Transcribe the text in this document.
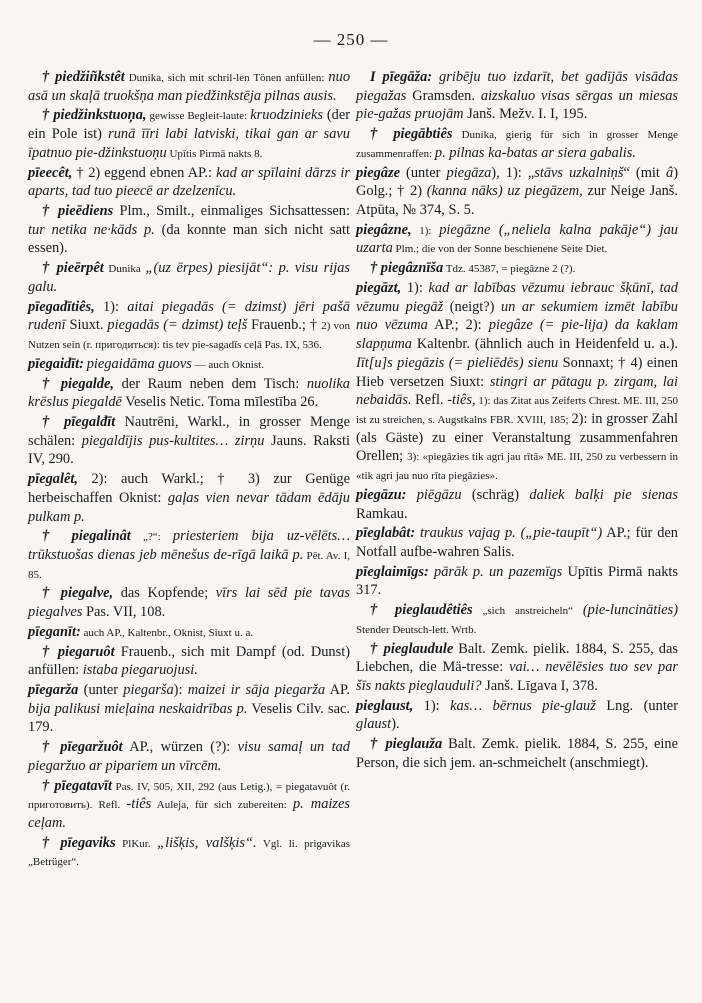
— 250 —

† piedžiñkstêt Dunika, sich mit schril-len Tönen anfüllen: nuo asā un skaļā truokšņa man piedžinkstēja pilnas ausis.

† piedžinkstuoņa, gewisse Begleit-laute: kruodzinieks (der ein Pole ist) runā īīri labi latviski, tikai gan ar savu īpatnuo pie-džinkstuoņu Upītis Pirmā nakts 8.

pīeecêt, † 2) eggend ebnen AP.: kad ar spīlaini dārzs ir aparts, tad tuo pieecē ar dzelzenīcu.

† pieēdiens Plm., Smilt., einmaliges Sichsattessen: tur netika ne·kāds p. (da konnte man sich nicht satt essen).

† pieērpêt Dunika „(uz ērpes) piesijāt“: p. visu rijas galu.

pīegadītiês, 1): aitai piegadās (= dzimst) jēri pašā rudenī Siuxt. piegadās (= dzimst) teļš Frauenb.; † 2) von Nutzen sein (r. пригодиться): tis tev pie-sagadīs ceļā Pas. IX, 536.

pīegaidīt: piegaidāma guovs — auch Oknist.

† piegalde, der Raum neben dem Tisch: nuolika krēslus piegaldē Veselis Netic. Toma mīlestība 26.

† pīegalđīt Nautrēni, Warkl., in grosser Menge schälen: piegaldījis pus-kultites… zirņu Jauns. Raksti IV, 290.

pīegalêt, 2): auch Warkl.; † 3) zur Genüge herbeischaffen Oknist: gaļas vien nevar tādam ēdāju pulkam p.

† piegalinât „?“: priesteriem bija uz-vēlēts… trūkstuošas dienas jeb mēnešus de-rīgā laikā p. Pēt. Av. I, 85.

† piegalve, das Kopfende; vīrs lai sēd pie tavas piegalves Pas. VII, 108.

pīeganīt: auch AP., Kaltenbr., Oknist, Siuxt u. a.

† piegaruôt Frauenb., sich mit Dampf (od. Dunst) anfüllen: istaba piegaruojusi.

pīegarža (unter piegarša): maizei ir sāja piegarža AP. bija palikusi mieļaina neskaidrības p. Veselis Cilv. sac. 179.

† pīegaržuôt AP., würzen (?): visu samaļ un tad piegaržuo ar pipariem un vīrcēm.

† pīegatavīt Pas. IV, 505, XII, 292 (aus Letig.), = piegatavuôt (r. приготовить). Refl. -tiês Auleja, für sich zubereiten: p. maizes ceļam.

† pīegaviks PlKur. „lišķis, valšķis“. Vgl. li. prigavikas „Betrüger“.

I pīegāža: gribēju tuo izdarīt, bet gadījās visādas piegažas Gramsden. aizskaluo visas sērgas un miesas pie-gažas pruojām Janš. Mežv. I. I, 195.

† piegābtiês Dunika, gierig für sich in grosser Menge zusammenraffen: p. pilnas ka-batas ar siera gabalis.

piegâze (unter piegāza), 1): „stāvs uzkalniņš“ (mit â) Golg.; † 2) (kanna nāks) uz piegāzem, zur Neige Janš. Atpūta, № 374, S. 5.

piegâzne, 1): piegāzne („neliela kalna pakāje“) jau uzarta Plm.; die von der Sonne beschienene Seite Diet.

† piegâznīša Tdz. 45387, = piegâzne 2 (?).

piegāzt, 1): kad ar labības vēzumu iebrauc šķūnī, tad vēzumu piegāž (neigt?) un ar sekumiem izmēt labību nuo vēzuma AP.; 2): piegâze (= pie-lija) da kaklam slapņuma Kaltenbr. (ähnlich auch in Heidenfeld u. a.). Iīt[u]s piegāzis (= pieliēdēs) sienu Sonnaxt; † 4) einen Hieb versetzen Siuxt: stingri ar pātagu p. zirgam, lai nebaidās. Refl. -tiês, 1): das Zitat aus Zeiferts Chrest. ME. III, 250 ist zu streichen, s. Augstkalns FBR. XVIII, 185; 2): in grosser Zahl (als Gäste) zu einer Veranstaltung zusammenfahren Orellen; 3): «piegāzies tik agri jau rītā» ME. III, 250 zu verbessern in «tik agri jau nuo rīta piegāzies».

piegāzu: piēgāzu (schräg) daliek balķi pie sienas Ramkau.

pīeglabât: traukus vajag p. („pie-taupīt“) AP.; für den Notfall aufbe-wahren Salis.

pīeglaimīgs: pārāk p. un pazemīgs Upītis Pirmā nakts 317.

† pieglaudêtiês „sich anstreicheln“ (pie-luncināties) Stender Deutsch-lett. Wrtb.

† pieglaudule Balt. Zemk. pielik. 1884, S. 255, das Liebchen, die Mä-tresse: vai… nevēlēsies tuo sev par šīs nakts pieglauduli? Janš. Līgava I, 378.

pieglaust, 1): kas… bērnus pie-glauž Lng. (unter glaust).

† pieglauža Balt. Zemk. pielik. 1884, S. 255, eine Person, die sich jem. an-schmeichelt (anschmiegt).
